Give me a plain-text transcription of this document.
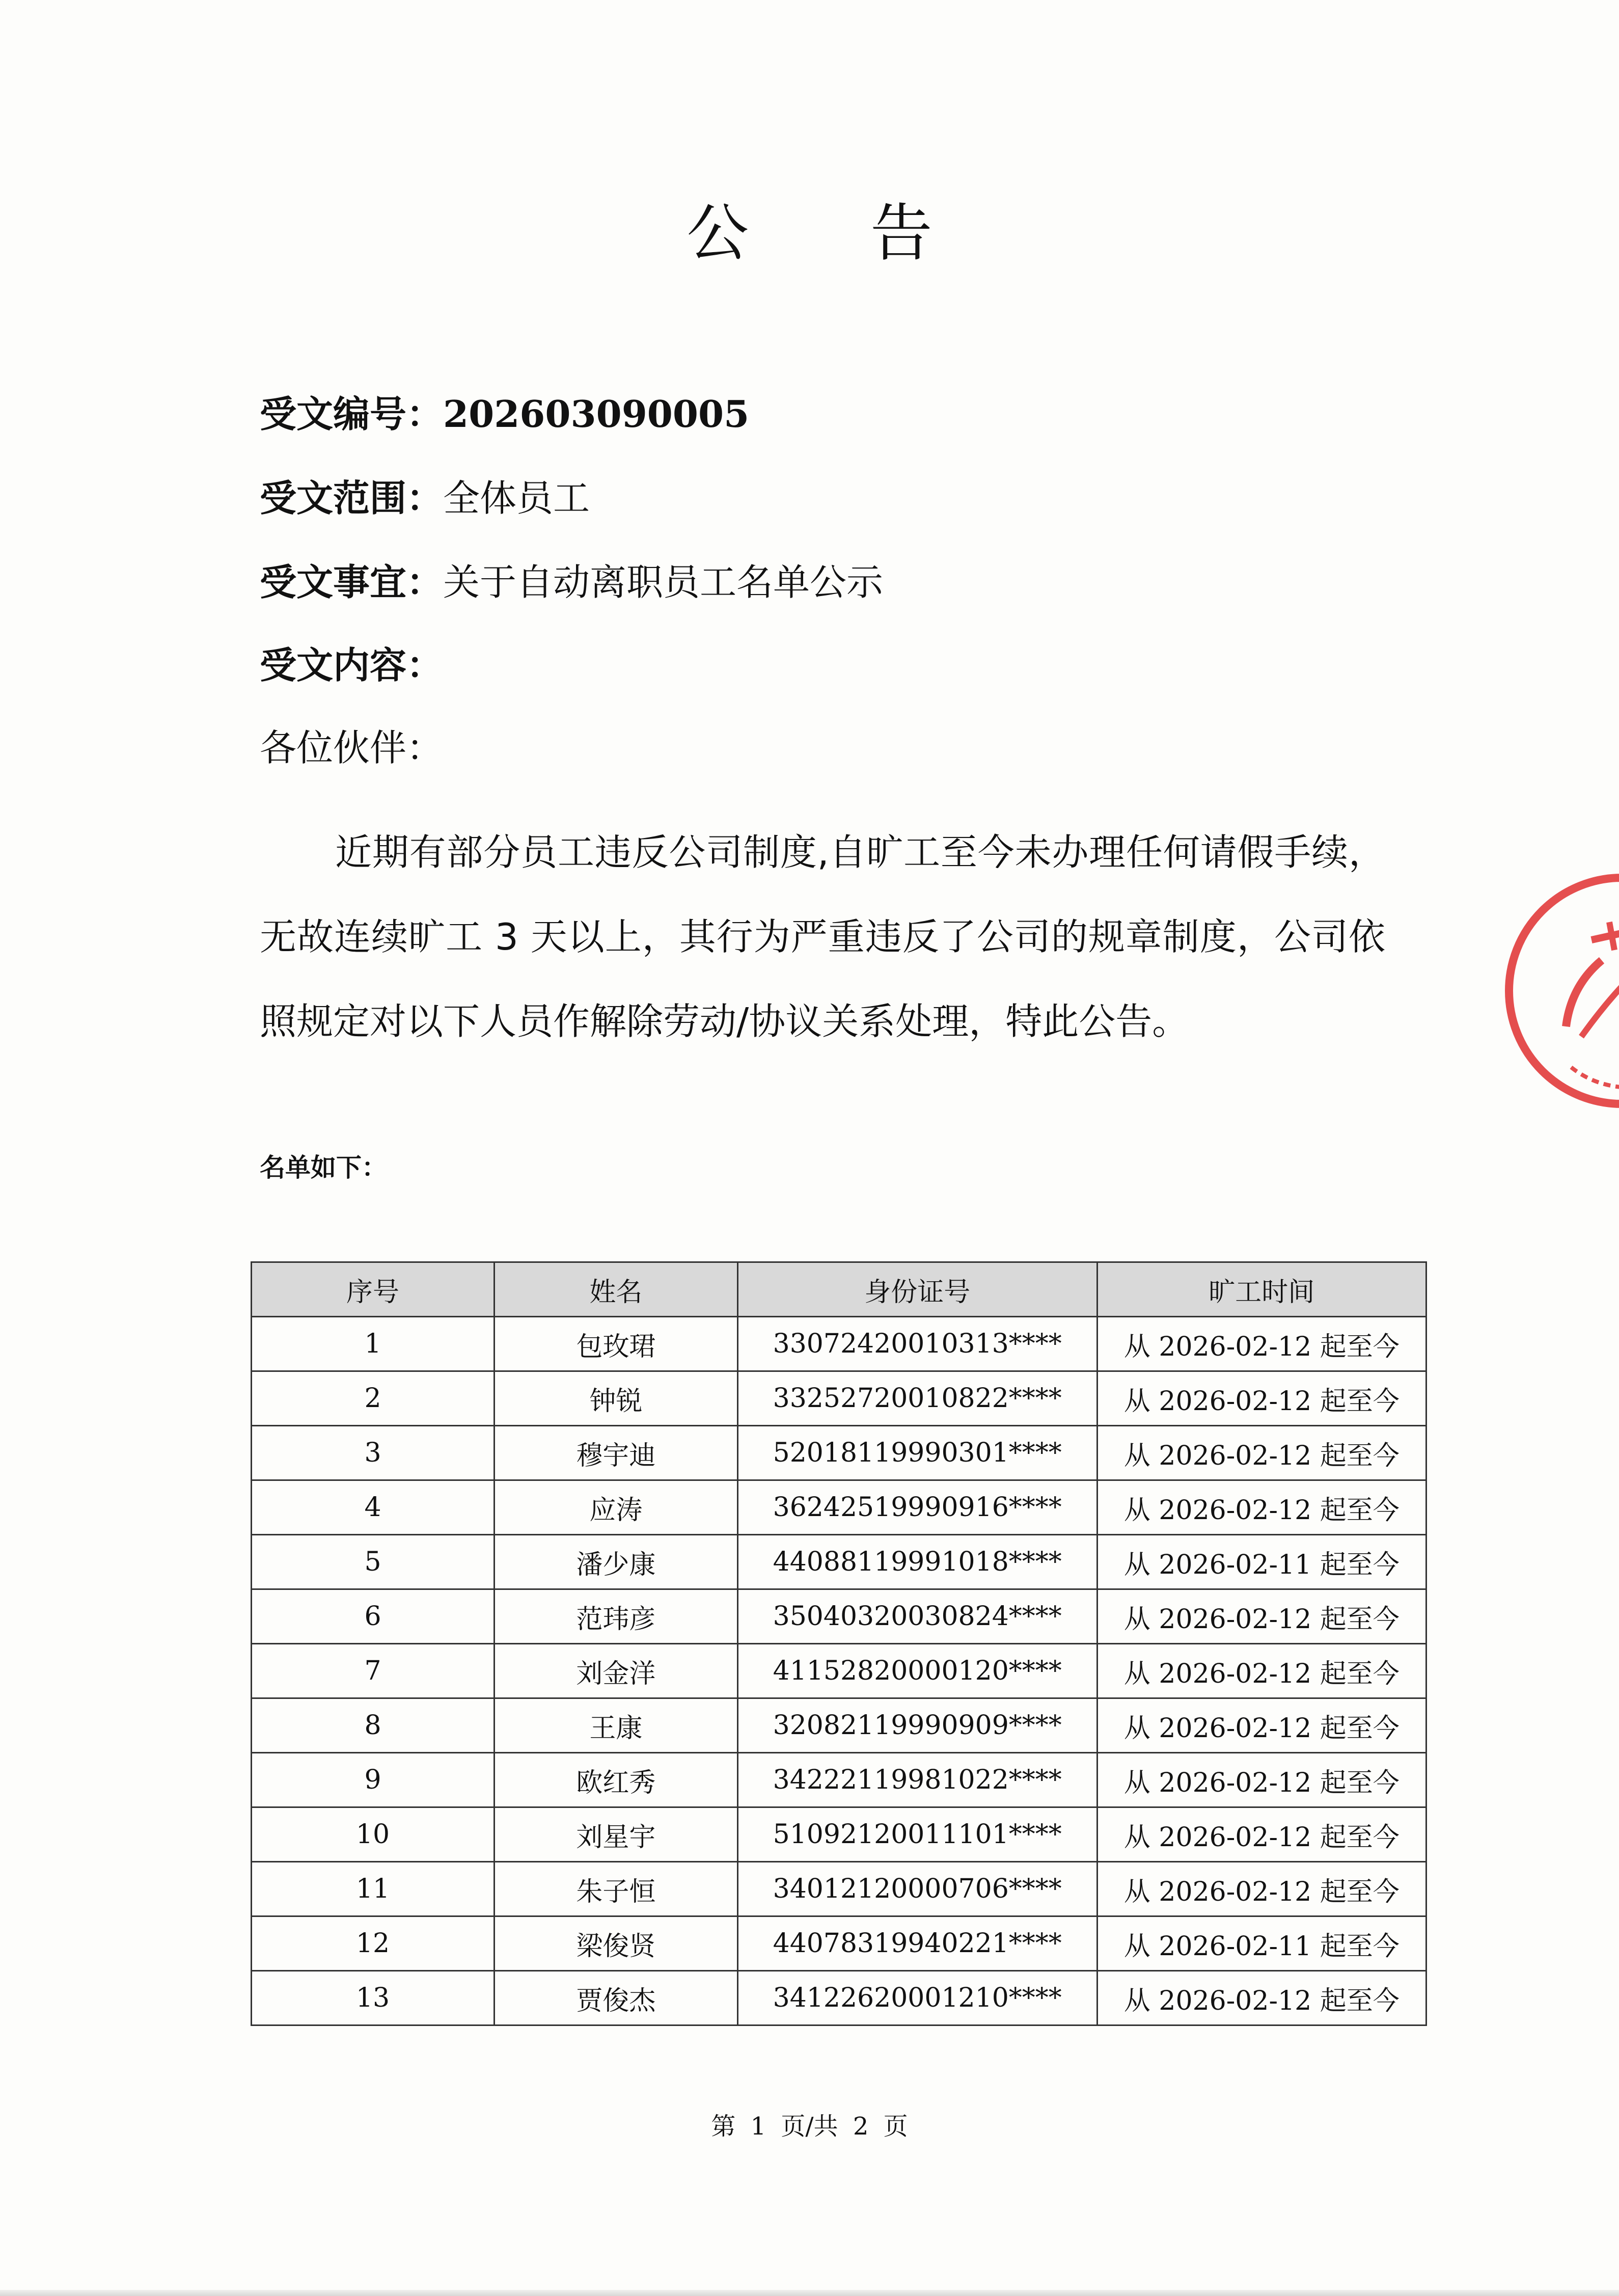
公 告
受文编号：202603090005
受文范围：全体员工
受文事宜：关于自动离职员工名单公示
受文内容：
各位伙伴：

近期有部分员工违反公司制度,自旷工至今未办理任何请假手续，无故连续旷工 3 天以上，其行为严重违反了公司的规章制度，公司依照规定对以下人员作解除劳动/协议关系处理，特此公告。

名单如下：
序号	姓名	身份证号	旷工时间
1	包玫珺	33072420010313****	从 2026-02-12 起至今
2	钟锐	33252720010822****	从 2026-02-12 起至今
3	穆宇迪	52018119990301****	从 2026-02-12 起至今
4	应涛	36242519990916****	从 2026-02-12 起至今
5	潘少康	44088119991018****	从 2026-02-11 起至今
6	范玮彦	35040320030824****	从 2026-02-12 起至今
7	刘金洋	41152820000120****	从 2026-02-12 起至今
8	王康	32082119990909****	从 2026-02-12 起至今
9	欧红秀	34222119981022****	从 2026-02-12 起至今
10	刘星宇	51092120011101****	从 2026-02-12 起至今
11	朱子恒	34012120000706****	从 2026-02-12 起至今
12	梁俊贤	44078319940221****	从 2026-02-11 起至今
13	贾俊杰	34122620001210****	从 2026-02-12 起至今
第 1 页/共 2 页
